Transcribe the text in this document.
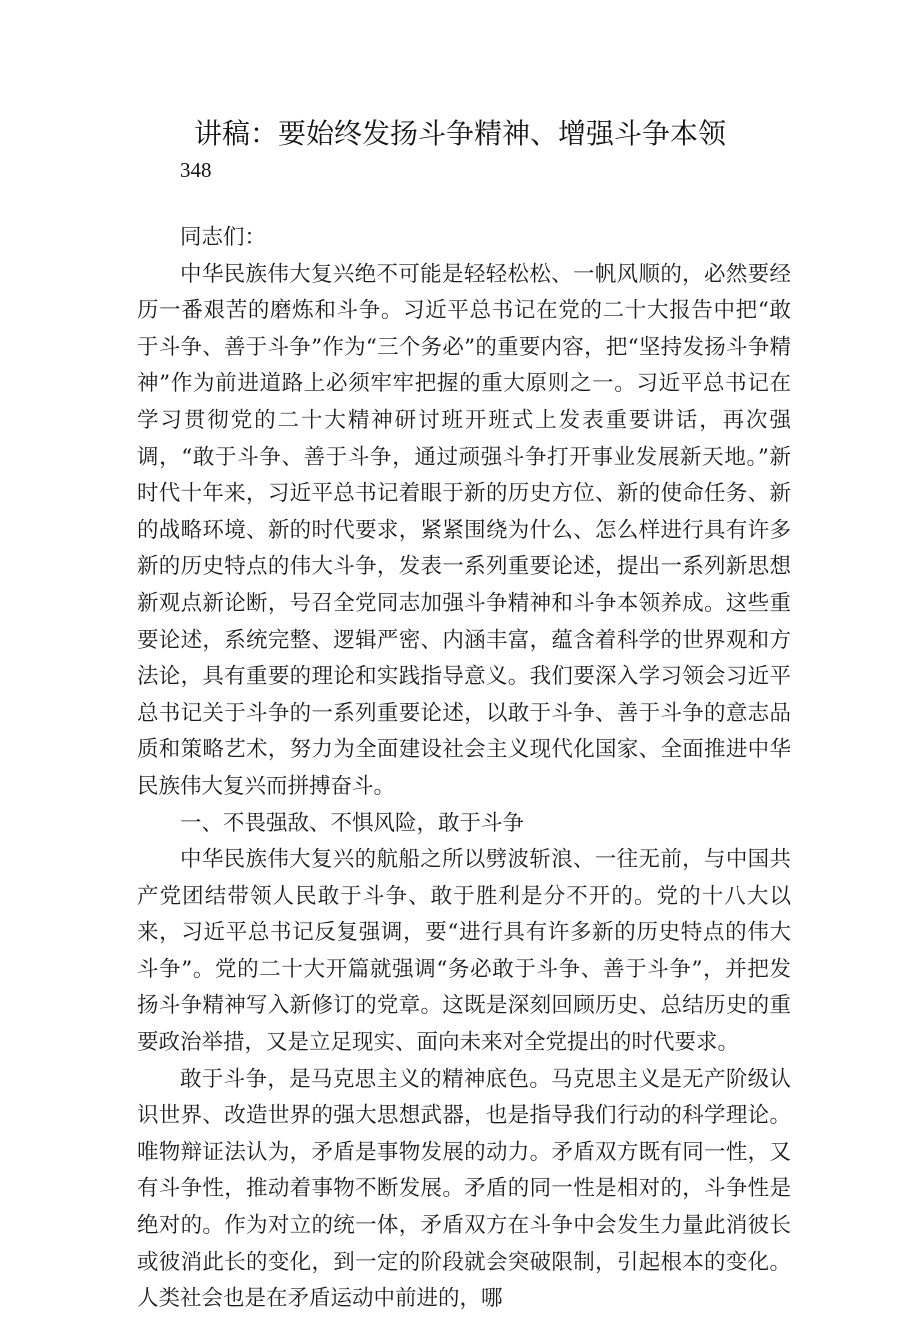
讲稿：要始终发扬斗争精神、增强斗争本领
348

同志们：

中华民族伟大复兴绝不可能是轻轻松松、一帆风顺的，必然要经历一番艰苦的磨炼和斗争。习近平总书记在党的二十大报告中把“敢于斗争、善于斗争”作为“三个务必”的重要内容，把“坚持发扬斗争精神”作为前进道路上必须牢牢把握的重大原则之一。习近平总书记在学习贯彻党的二十大精神研讨班开班式上发表重要讲话，再次强调，“敢于斗争、善于斗争，通过顽强斗争打开事业发展新天地。”新时代十年来，习近平总书记着眼于新的历史方位、新的使命任务、新的战略环境、新的时代要求，紧紧围绕为什么、怎么样进行具有许多新的历史特点的伟大斗争，发表一系列重要论述，提出一系列新思想新观点新论断，号召全党同志加强斗争精神和斗争本领养成。这些重要论述，系统完整、逻辑严密、内涵丰富，蕴含着科学的世界观和方法论，具有重要的理论和实践指导意义。我们要深入学习领会习近平总书记关于斗争的一系列重要论述，以敢于斗争、善于斗争的意志品质和策略艺术，努力为全面建设社会主义现代化国家、全面推进中华民族伟大复兴而拼搏奋斗。

一、不畏强敌、不惧风险，敢于斗争

中华民族伟大复兴的航船之所以劈波斩浪、一往无前，与中国共产党团结带领人民敢于斗争、敢于胜利是分不开的。党的十八大以来，习近平总书记反复强调，要“进行具有许多新的历史特点的伟大斗争”。党的二十大开篇就强调“务必敢于斗争、善于斗争”，并把发扬斗争精神写入新修订的党章。这既是深刻回顾历史、总结历史的重要政治举措，又是立足现实、面向未来对全党提出的时代要求。

敢于斗争，是马克思主义的精神底色。马克思主义是无产阶级认识世界、改造世界的强大思想武器，也是指导我们行动的科学理论。唯物辩证法认为，矛盾是事物发展的动力。矛盾双方既有同一性，又有斗争性，推动着事物不断发展。矛盾的同一性是相对的，斗争性是绝对的。作为对立的统一体，矛盾双方在斗争中会发生力量此消彼长或彼消此长的变化，到一定的阶段就会突破限制，引起根本的变化。人类社会也是在矛盾运动中前进的，哪
